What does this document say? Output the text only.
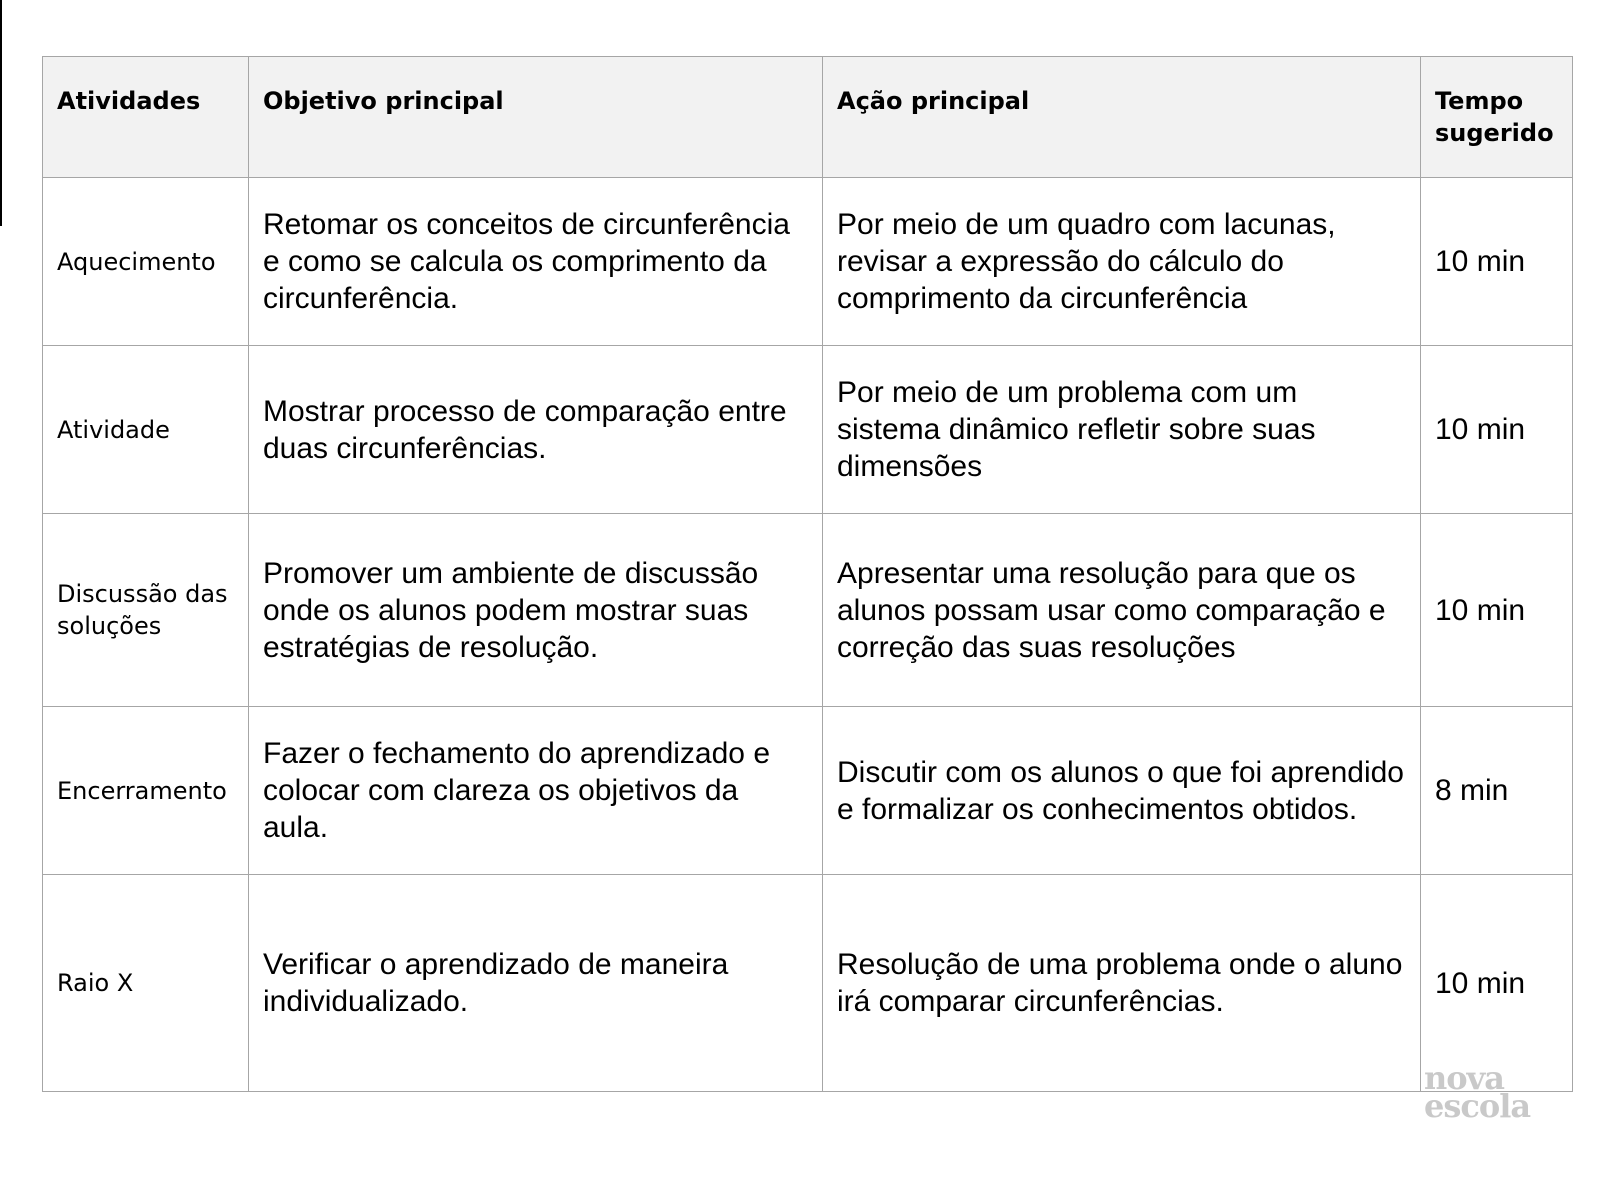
Atividades	Objetivo principal	Ação principal	Tempo sugerido
Aquecimento	Retomar os conceitos de circunferência e como se calcula os comprimento da circunferência.	Por meio de um quadro com lacunas, revisar a expressão do cálculo do comprimento da circunferência	10 min
Atividade	Mostrar processo de comparação entre duas circunferências.	Por meio de um problema com um sistema dinâmico refletir sobre suas dimensões	10 min
Discussão das soluções	Promover um ambiente de discussão onde os alunos podem mostrar suas estratégias de resolução.	Apresentar uma resolução para que os alunos possam usar como comparação e correção das suas resoluções	10 min
Encerramento	Fazer o fechamento do aprendizado e colocar com clareza os objetivos da aula.	Discutir com os alunos o que foi aprendido e formalizar os conhecimentos obtidos.	8 min
Raio X	Verificar o aprendizado de maneira individualizado.	Resolução de uma problema onde o aluno irá comparar circunferências.	10 min
nova
escola
